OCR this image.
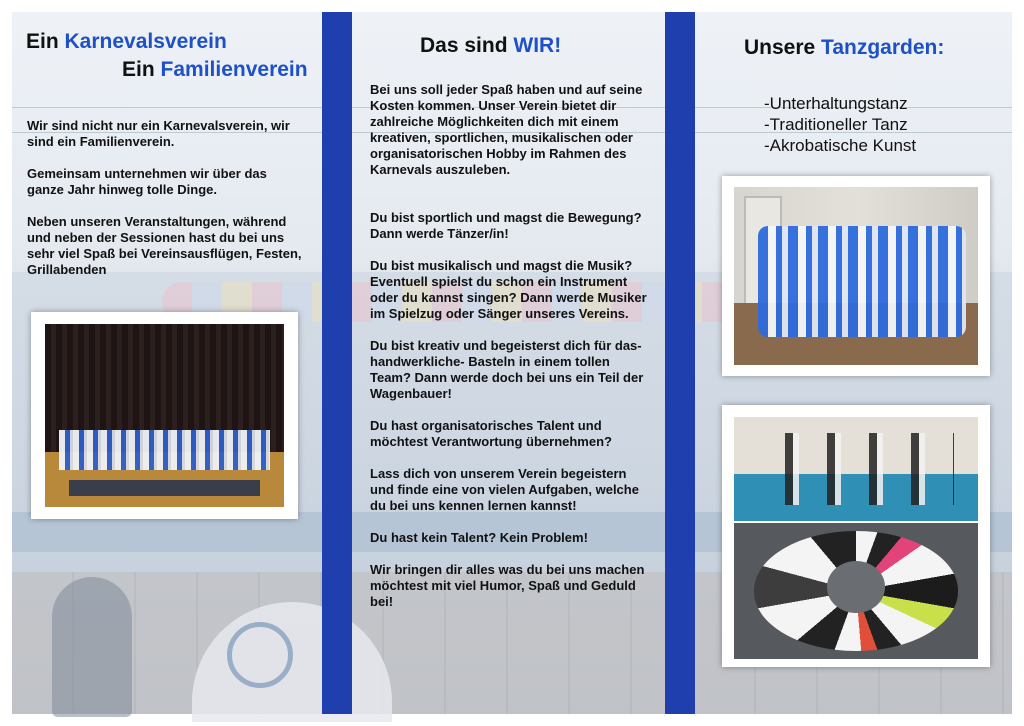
Ein Karnevalsverein
Ein Familienverein

Wir sind nicht nur ein Karnevalsverein, wir sind ein Familienverein.

Gemeinsam unternehmen wir über das ganze Jahr hinweg tolle Dinge.

Neben unseren Veranstaltungen, während und neben der Sessionen hast du bei uns sehr viel Spaß bei Vereinsausflügen, Festen, Grillabenden

Das sind WIR!

Bei uns soll jeder Spaß haben und auf seine Kosten kommen. Unser Verein bietet dir zahlreiche Möglichkeiten dich mit einem kreativen, sportlichen, musikalischen oder organisatorischen Hobby im Rahmen des Karnevals auszuleben.

Du bist sportlich und magst die Bewegung? Dann werde Tänzer/in!

Du bist musikalisch und magst die Musik? Eventuell spielst du schon ein Instrument oder du kannst singen? Dann werde Musiker im Spielzug oder Sänger unseres Vereins.

Du bist kreativ und begeisterst dich für das-handwerkliche- Basteln in einem tollen Team? Dann werde doch bei uns ein Teil der Wagenbauer!

Du hast organisatorisches Talent und möchtest Verantwortung übernehmen?

Lass dich von unserem Verein begeistern und finde eine von vielen Aufgaben, welche du bei uns kennen lernen kannst!

Du hast kein Talent? Kein Problem!

Wir bringen dir alles was du bei uns machen möchtest mit viel Humor, Spaß und Geduld bei!

Unsere Tanzgarden:
-Unterhaltungstanz
-Traditioneller Tanz
-Akrobatische Kunst
